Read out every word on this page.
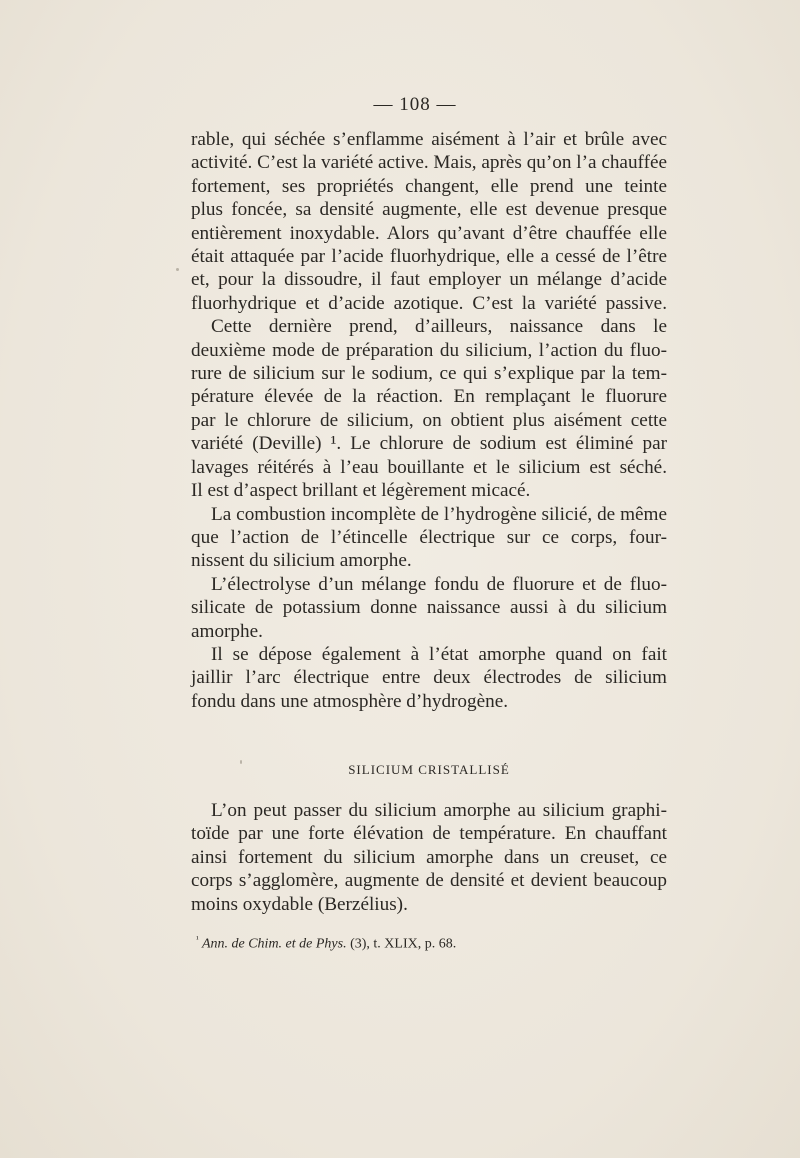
— 108 —

rable, qui séchée s’enflamme aisément à l’air et brûle avec
activité. C’est la variété active. Mais, après qu’on l’a chauffée
fortement, ses propriétés changent, elle prend une teinte
plus foncée, sa densité augmente, elle est devenue presque
entièrement inoxydable. Alors qu’avant d’être chauffée elle
était attaquée par l’acide fluorhydrique, elle a cessé de l’être
et, pour la dissoudre, il faut employer un mélange d’acide
fluorhydrique et d’acide azotique. C’est la variété passive.

Cette dernière prend, d’ailleurs, naissance dans le
deuxième mode de préparation du silicium, l’action du fluo-
rure de silicium sur le sodium, ce qui s’explique par la tem-
pérature élevée de la réaction. En remplaçant le fluorure
par le chlorure de silicium, on obtient plus aisément cette
variété (Deville) ¹. Le chlorure de sodium est éliminé par
lavages réitérés à l’eau bouillante et le silicium est séché.
Il est d’aspect brillant et légèrement micacé.

La combustion incomplète de l’hydrogène silicié, de même
que l’action de l’étincelle électrique sur ce corps, four-
nissent du silicium amorphe.

L’électrolyse d’un mélange fondu de fluorure et de fluo-
silicate de potassium donne naissance aussi à du silicium
amorphe.

Il se dépose également à l’état amorphe quand on fait
jaillir l’arc électrique entre deux électrodes de silicium
fondu dans une atmosphère d’hydrogène.

SILICIUM CRISTALLISÉ

L’on peut passer du silicium amorphe au silicium graphi-
toïde par une forte élévation de température. En chauffant
ainsi fortement du silicium amorphe dans un creuset, ce
corps s’agglomère, augmente de densité et devient beaucoup
moins oxydable (Berzélius).

$^{^1}$ Ann. de Chim. et de Phys. (3), t. XLIX, p. 68.
